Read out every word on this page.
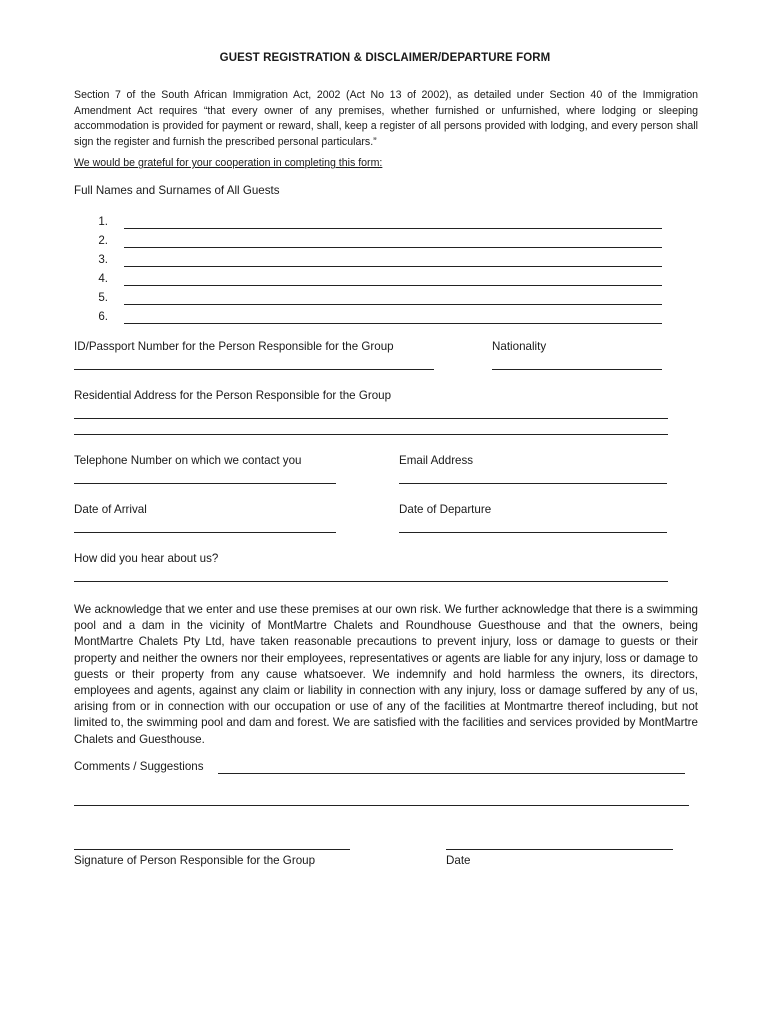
GUEST REGISTRATION & DISCLAIMER/DEPARTURE FORM
Section 7 of the South African Immigration Act, 2002 (Act No 13 of 2002), as detailed under Section 40 of the Immigration Amendment Act requires “that every owner of any premises, whether furnished or unfurnished, where lodging or sleeping accommodation is provided for payment or reward, shall, keep a register of all persons provided with lodging, and every person shall sign the register and furnish the prescribed personal particulars.”
We would be grateful for your cooperation in completing this form:
Full Names and Surnames of All Guests
1.
2.
3.
4.
5.
6.
ID/Passport Number for the Person Responsible for the Group	Nationality
Residential Address for the Person Responsible for the Group
Telephone Number on which we contact you	Email Address
Date of Arrival	Date of Departure
How did you hear about us?
We acknowledge that we enter and use these premises at our own risk. We further acknowledge that there is a swimming pool and a dam in the vicinity of MontMartre Chalets and Roundhouse Guesthouse and that the owners, being MontMartre Chalets Pty Ltd, have taken reasonable precautions to prevent injury, loss or damage to guests or their property and neither the owners nor their employees, representatives or agents are liable for any injury, loss or damage to guests or their property from any cause whatsoever. We indemnify and hold harmless the owners, its directors, employees and agents, against any claim or liability in connection with any injury, loss or damage suffered by any of us, arising from or in connection with our occupation or use of any of the facilities at Montmartre thereof including, but not limited to, the swimming pool and dam and forest. We are satisfied with the facilities and services provided by MontMartre Chalets and Guesthouse.
Comments / Suggestions
Signature of Person Responsible for the Group	Date
